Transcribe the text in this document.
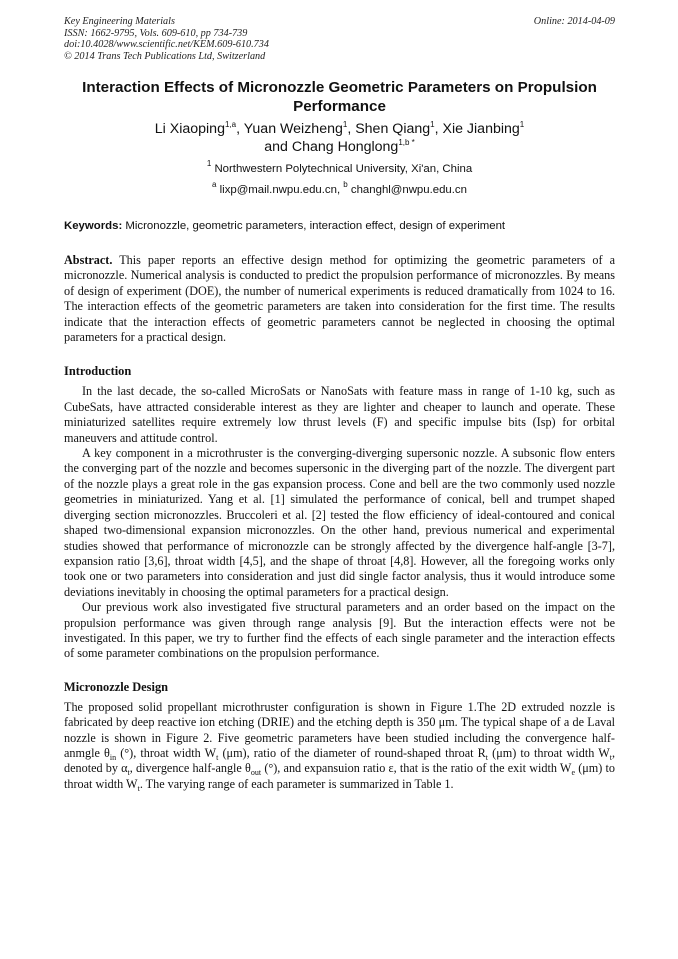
Key Engineering Materials
ISSN: 1662-9795, Vols. 609-610, pp 734-739
doi:10.4028/www.scientific.net/KEM.609-610.734
© 2014 Trans Tech Publications Ltd, Switzerland
Online: 2014-04-09
Interaction Effects of Micronozzle Geometric Parameters on Propulsion Performance
Li Xiaoping$^{1,a}$, Yuan Weizheng$^1$, Shen Qiang$^1$, Xie Jianbing$^1$
and Chang Honglong$^{1,b *}$
$^1$ Northwestern Polytechnical University, Xi'an, China
$^a$ lixp@mail.nwpu.edu.cn, $^b$ changhl@nwpu.edu.cn
Keywords: Micronozzle, geometric parameters, interaction effect, design of experiment
Abstract. This paper reports an effective design method for optimizing the geometric parameters of a micronozzle. Numerical analysis is conducted to predict the propulsion performance of micronozzles. By means of design of experiment (DOE), the number of numerical experiments is reduced dramatically from 1024 to 16. The interaction effects of the geometric parameters are taken into consideration for the first time. The results indicate that the interaction effects of geometric parameters cannot be neglected in choosing the optimal parameters for a practical design.
Introduction
In the last decade, the so-called MicroSats or NanoSats with feature mass in range of 1-10 kg, such as CubeSats, have attracted considerable interest as they are lighter and cheaper to launch and operate. These miniaturized satellites require extremely low thrust levels (F) and specific impulse bits (Isp) for orbital maneuvers and attitude control.
A key component in a microthruster is the converging-diverging supersonic nozzle. A subsonic flow enters the converging part of the nozzle and becomes supersonic in the diverging part of the nozzle. The divergent part of the nozzle plays a great role in the gas expansion process. Cone and bell are the two commonly used nozzle geometries in miniaturized. Yang et al. [1] simulated the performance of conical, bell and trumpet shaped diverging section micronozzles. Bruccoleri et al. [2] tested the flow efficiency of ideal-contoured and conical shaped two-dimensional expansion micronozzles. On the other hand, previous numerical and experimental studies showed that performance of micronozzle can be strongly affected by the divergence half-angle [3-7], expansion ratio [3,6], throat width [4,5], and the shape of throat [4,8]. However, all the foregoing works only took one or two parameters into consideration and just did single factor analysis, thus it would introduce some deviations inevitably in choosing the optimal parameters for a practical design.
Our previous work also investigated five structural parameters and an order based on the impact on the propulsion performance was given through range analysis [9]. But the interaction effects were not be investigated. In this paper, we try to further find the effects of each single parameter and the interaction effects of some parameter combinations on the propulsion performance.
Micronozzle Design
The proposed solid propellant microthruster configuration is shown in Figure 1.The 2D extruded nozzle is fabricated by deep reactive ion etching (DRIE) and the etching depth is 350 μm. The typical shape of a de Laval nozzle is shown in Figure 2. Five geometric parameters have been studied including the convergence half-anmgle $\theta_{in}$ (°), throat width $W_t$ (μm), ratio of the diameter of round-shaped throat $R_t$ (μm) to throat width $W_t$, denoted by $\alpha_t$, divergence half-angle $\theta_{out}$ (°), and expansuion ratio ε, that is the ratio of the exit width $W_e$ (μm) to throat width $W_t$. The varying range of each parameter is summarized in Table 1.
